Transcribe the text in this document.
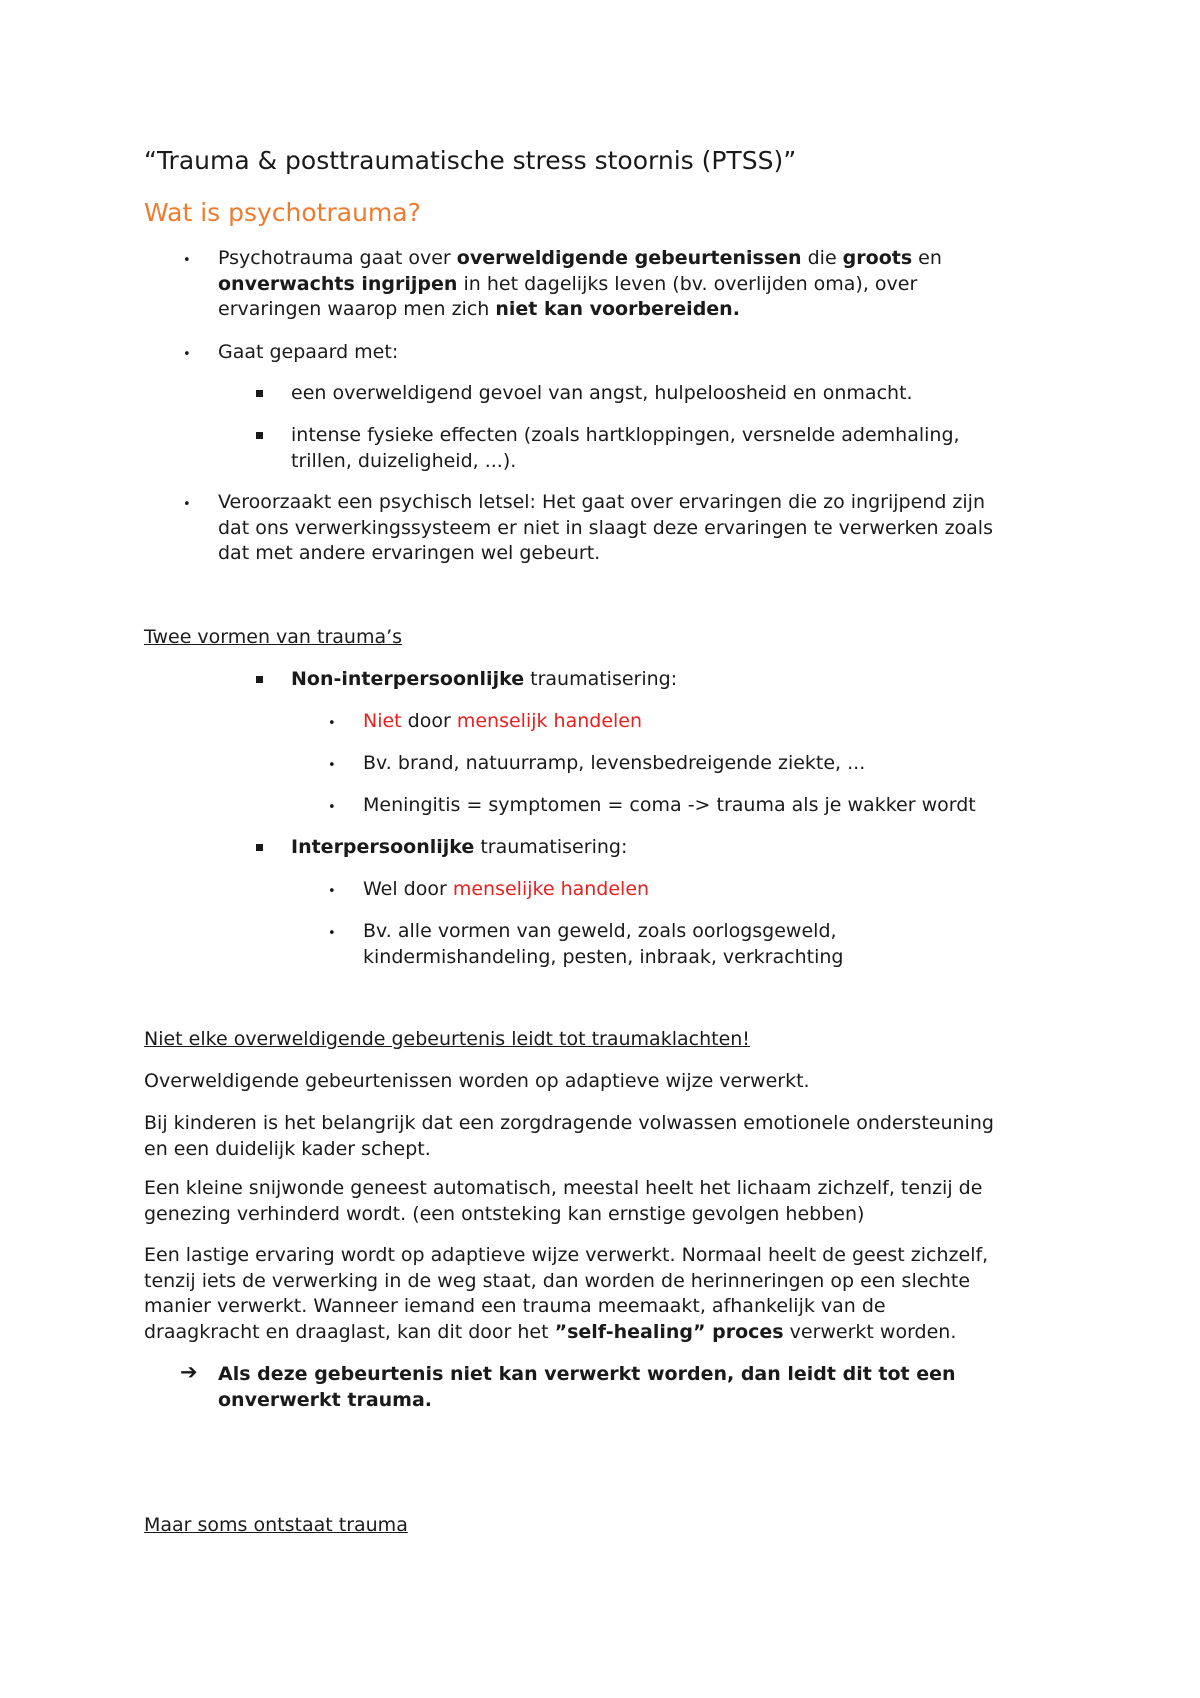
“Trauma & posttraumatische stress stoornis (PTSS)”
Wat is psychotrauma?
• Psychotrauma gaat over overweldigende gebeurtenissen die groots en

onverwachts ingrijpen in het dagelijks leven (bv. overlijden oma), over

ervaringen waarop men zich niet kan voorbereiden.

• Gaat gepaard met:
een overweldigend gevoel van angst, hulpeloosheid en onmacht.

intense fysieke effecten (zoals hartkloppingen, versnelde ademhaling,

trillen, duizeligheid, ...).

• Veroorzaakt een psychisch letsel: Het gaat over ervaringen die zo ingrijpend zijn

dat ons verwerkingssysteem er niet in slaagt deze ervaringen te verwerken zoals

dat met andere ervaringen wel gebeurt.

Twee vormen van trauma’s

Non-interpersoonlijke traumatisering:

• Niet door menselijk handelen

• Bv. brand, natuurramp, levensbedreigende ziekte, ...
• Meningitis = symptomen = coma -> trauma als je wakker wordt

Interpersoonlijke traumatisering:

• Wel door menselijke handelen

• Bv. alle vormen van geweld, zoals oorlogsgeweld,

kindermishandeling, pesten, inbraak, verkrachting

Niet elke overweldigende gebeurtenis leidt tot traumaklachten!
Overweldigende gebeurtenissen worden op adaptieve wijze verwerkt.

Bij kinderen is het belangrijk dat een zorgdragende volwassen emotionele ondersteuning

en een duidelijk kader schept.

Een kleine snijwonde geneest automatisch, meestal heelt het lichaam zichzelf, tenzij de

genezing verhinderd wordt. (een ontsteking kan ernstige gevolgen hebben)

Een lastige ervaring wordt op adaptieve wijze verwerkt. Normaal heelt de geest zichzelf,

tenzij iets de verwerking in de weg staat, dan worden de herinneringen op een slechte

manier verwerkt. Wanneer iemand een trauma meemaakt, afhankelijk van de

draagkracht en draaglast, kan dit door het ”self-healing” proces verwerkt worden.

➔ Als deze gebeurtenis niet kan verwerkt worden, dan leidt dit tot een

onverwerkt trauma.

Maar soms ontstaat trauma
